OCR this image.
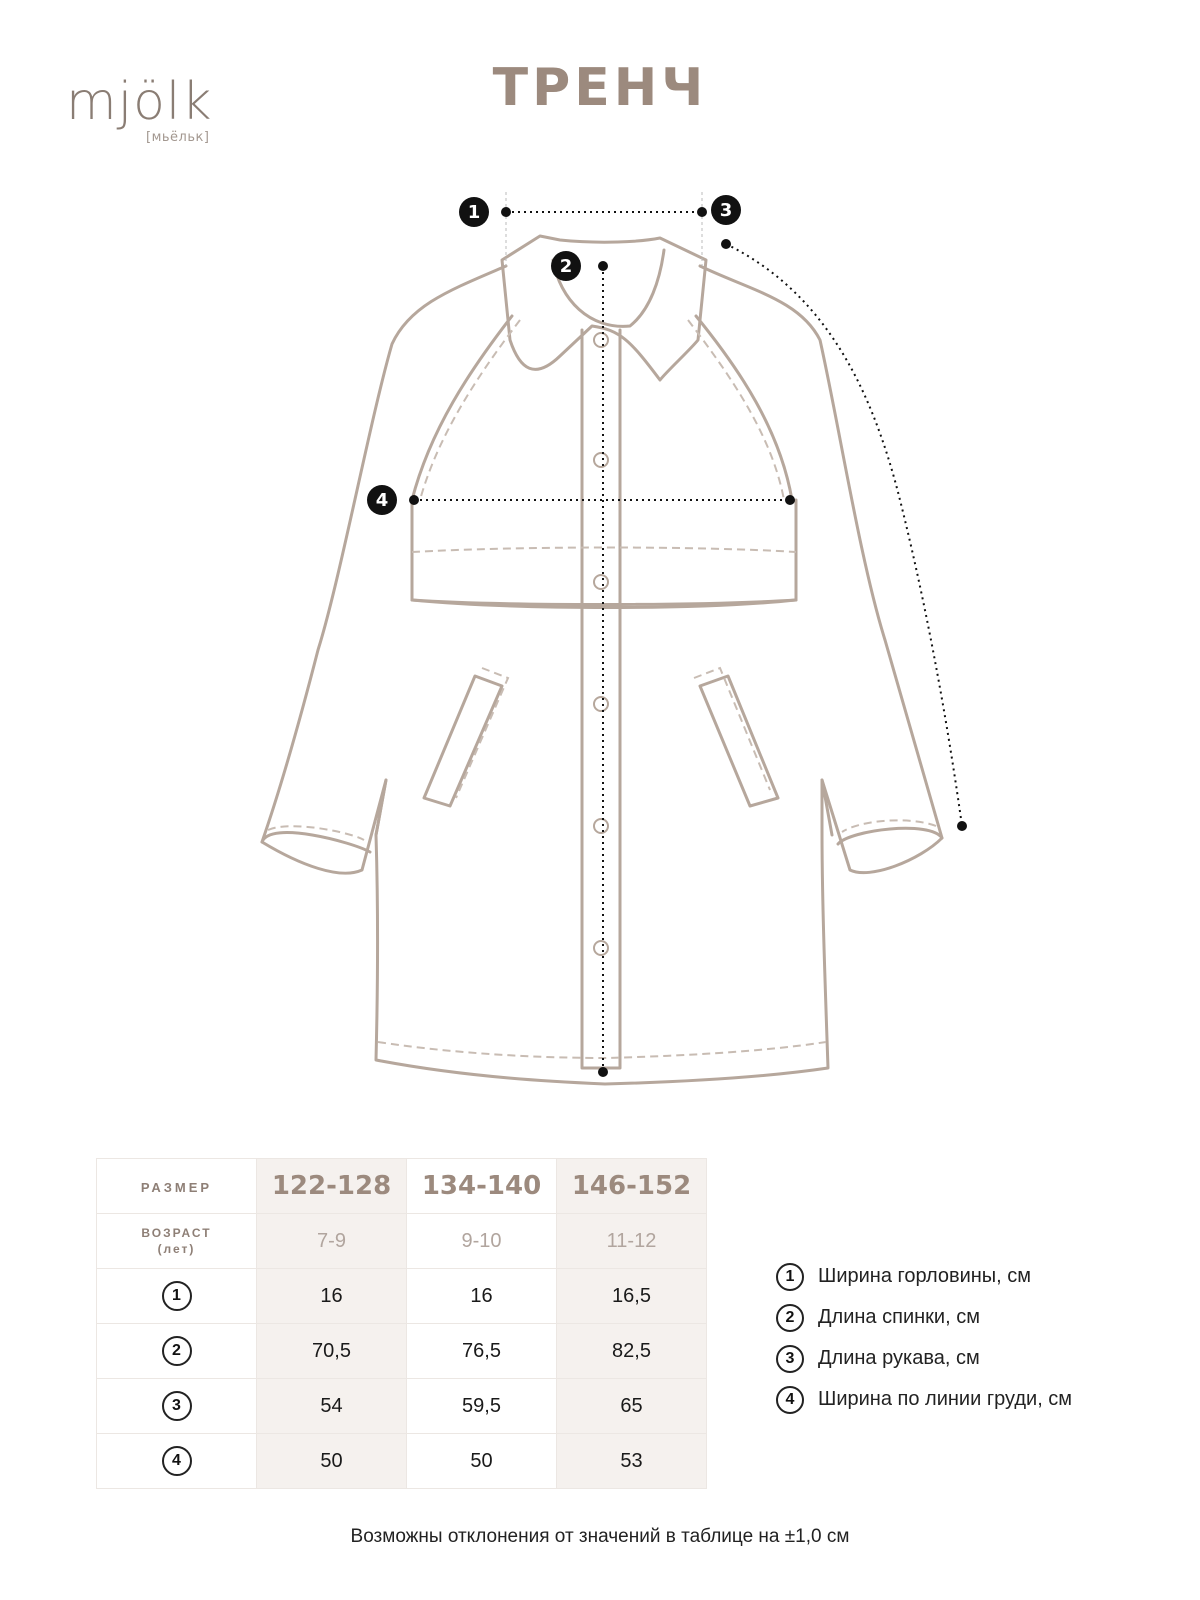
mjölk
[мьёльк]
ТРЕНЧ
1
2
3
4
РАЗМЕР	122-128	134-140	146-152

ВОЗРАСТ
(лет)	7-9	9-10	11-12
1	16	16	16,5
2	70,5	76,5	82,5
3	54	59,5	65
4	50	50	53
1	Ширина горловины, см
2	Длина спинки, см
3	Длина рукава, см
4	Ширина по линии груди, см
Возможны отклонения от значений в таблице на ±1,0 см
